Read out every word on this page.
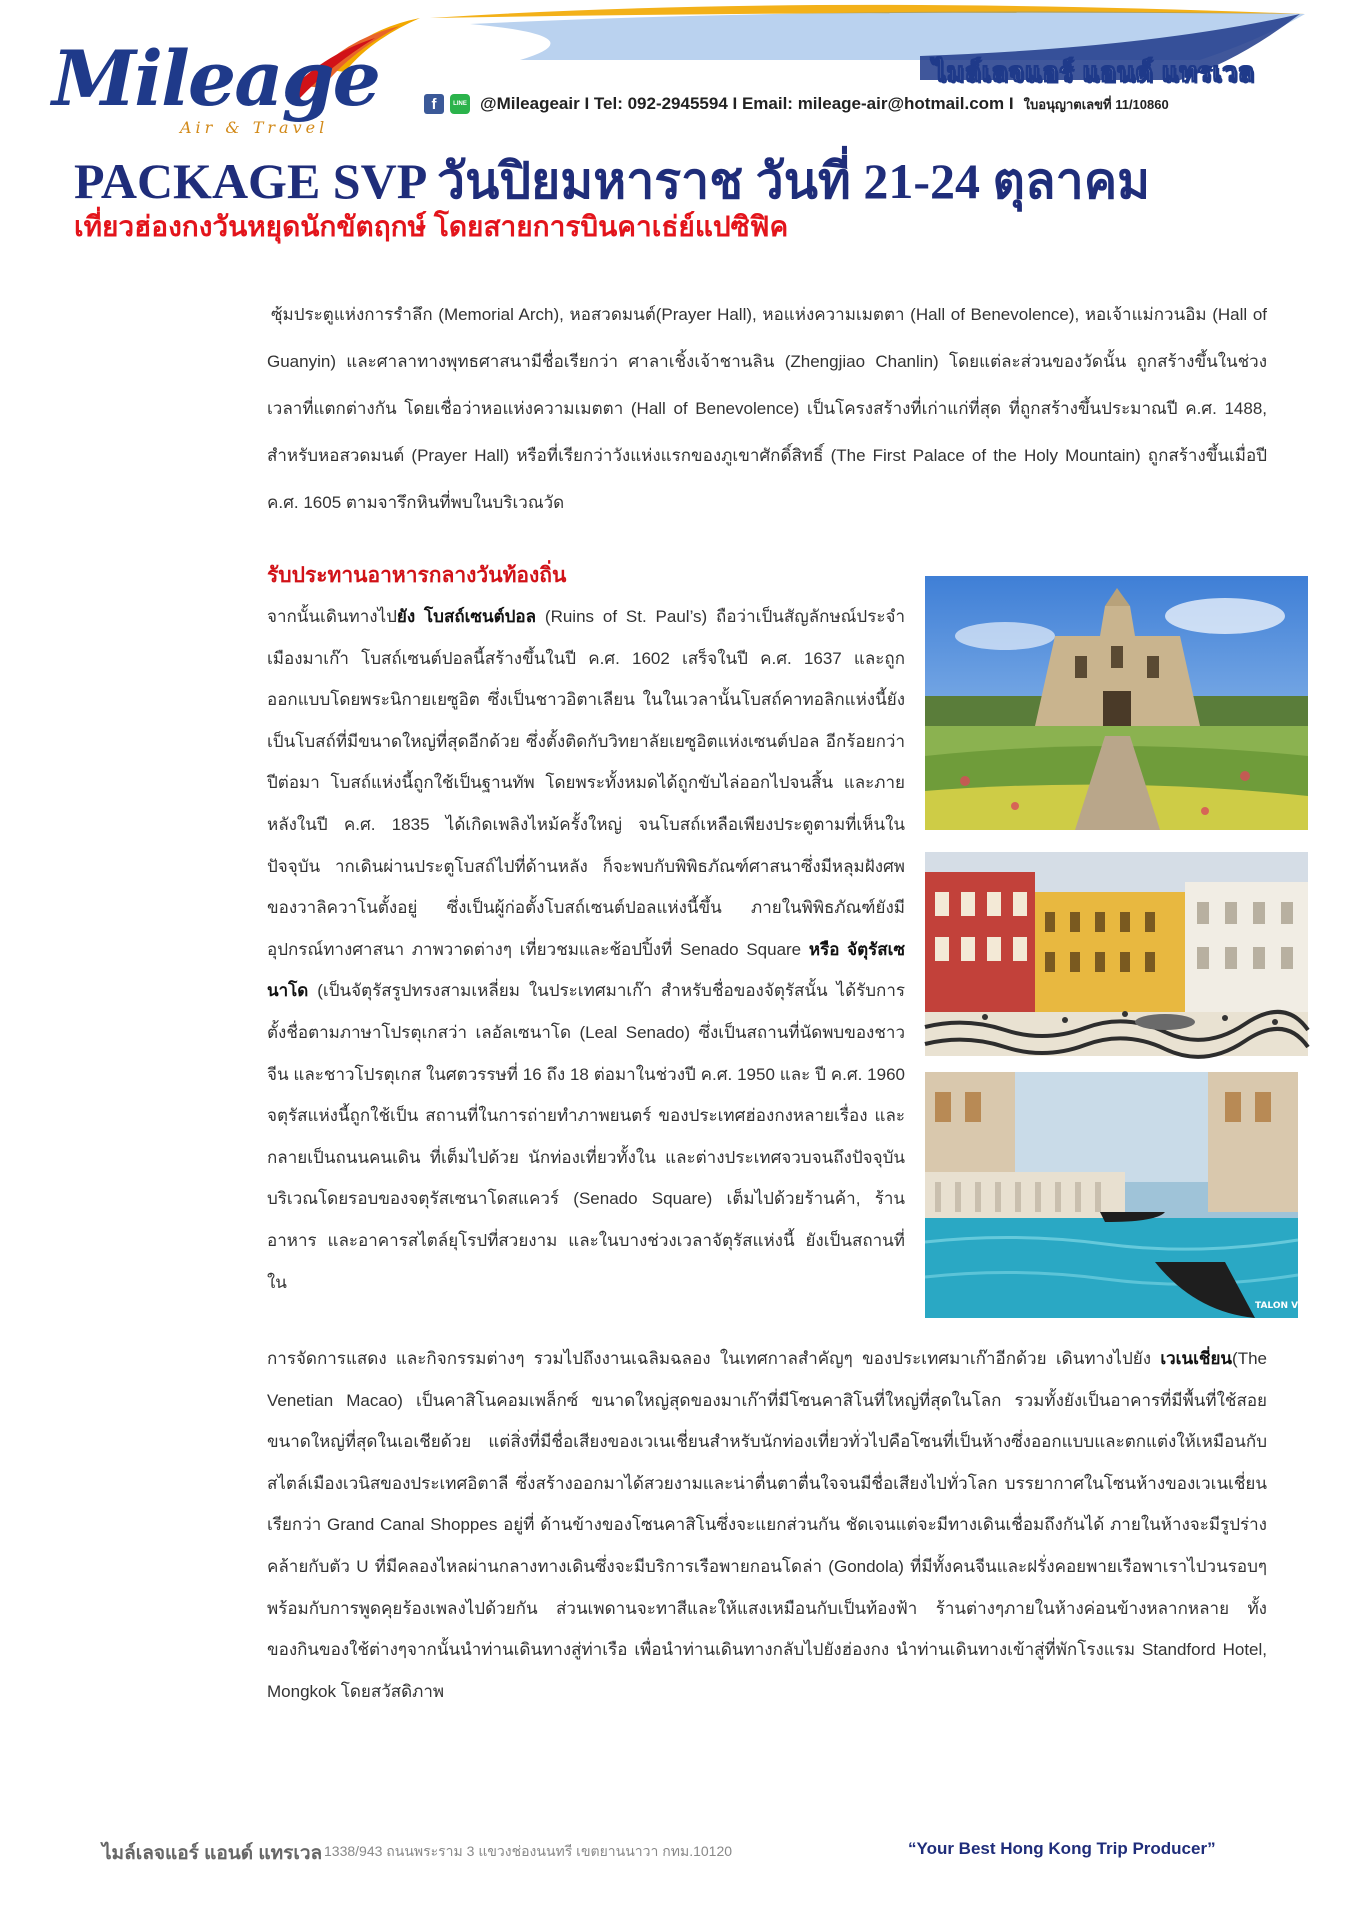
Mileage
Air & Travel
ไมล์เลจแอร์ แอนด์ แทรเวล
f	LINE @Mileageair I Tel: 092-2945594 I Email: mileage-air@hotmail.com I ใบอนุญาตเลขที่ 11/10860
PACKAGE SVP วันปิยมหาราช วันที่ 21-24 ตุลาคม
เที่ยวฮ่องกงวันหยุดนักขัตฤกษ์ โดยสายการบินคาเธ่ย์แปซิฟิค
ซุ้มประตูแห่งการรำลึก (Memorial Arch), หอสวดมนต์(Prayer Hall), หอแห่งความเมตตา (Hall of Benevolence), หอเจ้าแม่กวนอิม (Hall of Guanyin) และศาลาทางพุทธศาสนามีชื่อเรียกว่า ศาลาเชิ้งเจ้าชานลิน (Zhengjiao Chanlin) โดยแต่ละส่วนของวัดนั้น ถูกสร้างขึ้นในช่วงเวลาที่แตกต่างกัน โดยเชื่อว่าหอแห่งความเมตตา (Hall of Benevolence) เป็นโครงสร้างที่เก่าแก่ที่สุด ที่ถูกสร้างขึ้นประมาณปี ค.ศ. 1488, สำหรับหอสวดมนต์ (Prayer Hall) หรือที่เรียกว่าวังแห่งแรกของภูเขาศักดิ์สิทธิ์ (The First Palace of the Holy Mountain) ถูกสร้างขึ้นเมื่อปี ค.ศ. 1605 ตามจารึกหินที่พบในบริเวณวัด
รับประทานอาหารกลางวันท้องถิ่น
จากนั้นเดินทางไปยัง โบสถ์เซนต์ปอล (Ruins of St. Paul’s) ถือว่าเป็นสัญลักษณ์ประจำเมืองมาเก๊า โบสถ์เซนต์ปอลนี้สร้างขึ้นในปี ค.ศ. 1602 เสร็จในปี ค.ศ. 1637 และถูกออกแบบโดยพระนิกายเยซูอิต ซึ่งเป็นชาวอิตาเลียน ในในเวลานั้นโบสถ์คาทอลิกแห่งนี้ยังเป็นโบสถ์ที่มีขนาดใหญ่ที่สุดอีกด้วย ซึ่งตั้งติดกับวิทยาลัยเยซูอิตแห่งเซนต์ปอล อีกร้อยกว่าปีต่อมา โบสถ์แห่งนี้ถูกใช้เป็นฐานทัพ โดยพระทั้งหมดได้ถูกขับไล่ออกไปจนสิ้น และภายหลังในปี ค.ศ. 1835 ได้เกิดเพลิงไหม้ครั้งใหญ่ จนโบสถ์เหลือเพียงประตูตามที่เห็นในปัจจุบัน ากเดินผ่านประตูโบสถ์ไปที่ด้านหลัง ก็จะพบกับพิพิธภัณฑ์ศาสนาซึ่งมีหลุมฝังศพของวาลิควาโนตั้งอยู่ ซึ่งเป็นผู้ก่อตั้งโบสถ์เซนต์ปอลแห่งนี้ขึ้น ภายในพิพิธภัณฑ์ยังมีอุปกรณ์ทางศาสนา ภาพวาดต่างๆ เที่ยวชมและช้อปปิ้งที่ Senado Square หรือ จัตุรัสเซนาโด (เป็นจัตุรัสรูปทรงสามเหลี่ยม ในประเทศมาเก๊า สำหรับชื่อของจัตุรัสนั้น ได้รับการตั้งชื่อตามภาษาโปรตุเกสว่า เลอัลเซนาโด (Leal Senado) ซึ่งเป็นสถานที่นัดพบของชาวจีน และชาวโปรตุเกส ในศตวรรษที่ 16 ถึง 18 ต่อมาในช่วงปี ค.ศ. 1950 และ ปี ค.ศ. 1960 จตุรัสแห่งนี้ถูกใช้เป็น สถานที่ในการถ่ายทำภาพยนตร์ ของประเทศฮ่องกงหลายเรื่อง และกลายเป็นถนนคนเดิน ที่เต็มไปด้วย นักท่องเที่ยวทั้งใน และต่างประเทศจวบจนถึงปัจจุบัน บริเวณโดยรอบของจตุรัสเซนาโดสแควร์ (Senado Square) เต็มไปด้วยร้านค้า, ร้านอาหาร และอาคารสไตล์ยุโรปที่สวยงาม และในบางช่วงเวลาจัตุรัสแห่งนี้ ยังเป็นสถานที่ใน
การจัดการแสดง และกิจกรรมต่างๆ รวมไปถึงงานเฉลิมฉลอง ในเทศกาลสำคัญๆ ของประเทศมาเก๊าอีกด้วย เดินทางไปยัง เวเนเชี่ยน(The Venetian Macao) เป็นคาสิโนคอมเพล็กซ์ ขนาดใหญ่สุดของมาเก๊าที่มีโซนคาสิโนที่ใหญ่ที่สุดในโลก รวมทั้งยังเป็นอาคารที่มีพื้นที่ใช้สอยขนาดใหญ่ที่สุดในเอเชียด้วย แต่สิ่งที่มีชื่อเสียงของเวเนเชี่ยนสำหรับนักท่องเที่ยวทั่วไปคือโซนที่เป็นห้างซึ่งออกแบบและตกแต่งให้เหมือนกับสไตล์เมืองเวนิสของประเทศอิตาลี ซึ่งสร้างออกมาได้สวยงามและน่าตื่นตาตื่นใจจนมีชื่อเสียงไปทั่วโลก บรรยากาศในโซนห้างของเวเนเชี่ยนเรียกว่า Grand Canal Shoppes อยู่ที่ ด้านข้างของโซนคาสิโนซึ่งจะแยกส่วนกัน ชัดเจนแต่จะมีทางเดินเชื่อมถึงกันได้ ภายในห้างจะมีรูปร่างคล้ายกับตัว U ที่มีคลองไหลผ่านกลางทางเดินซึ่งจะมีบริการเรือพายกอนโดล่า (Gondola) ที่มีทั้งคนจีนและฝรั่งคอยพายเรือพาเราไปวนรอบๆ พร้อมกับการพูดคุยร้องเพลงไปด้วยกัน ส่วนเพดานจะทาสีและให้แสงเหมือนกับเป็นท้องฟ้า ร้านต่างๆภายในห้างค่อนข้างหลากหลาย ทั้งของกินของใช้ต่างๆจากนั้นนำท่านเดินทางสู่ท่าเรือ เพื่อนำท่านเดินทางกลับไปยังฮ่องกง นำท่านเดินทางเข้าสู่ที่พักโรงแรม Standford Hotel, Mongkok โดยสวัสดิภาพ
TALON VIEW
ไมล์เลจแอร์ แอนด์ แทรเวล 1338/943 ถนนพระราม 3 แขวงช่องนนทรี เขตยานนาวา กทม.10120	“Your Best Hong Kong Trip Producer”
